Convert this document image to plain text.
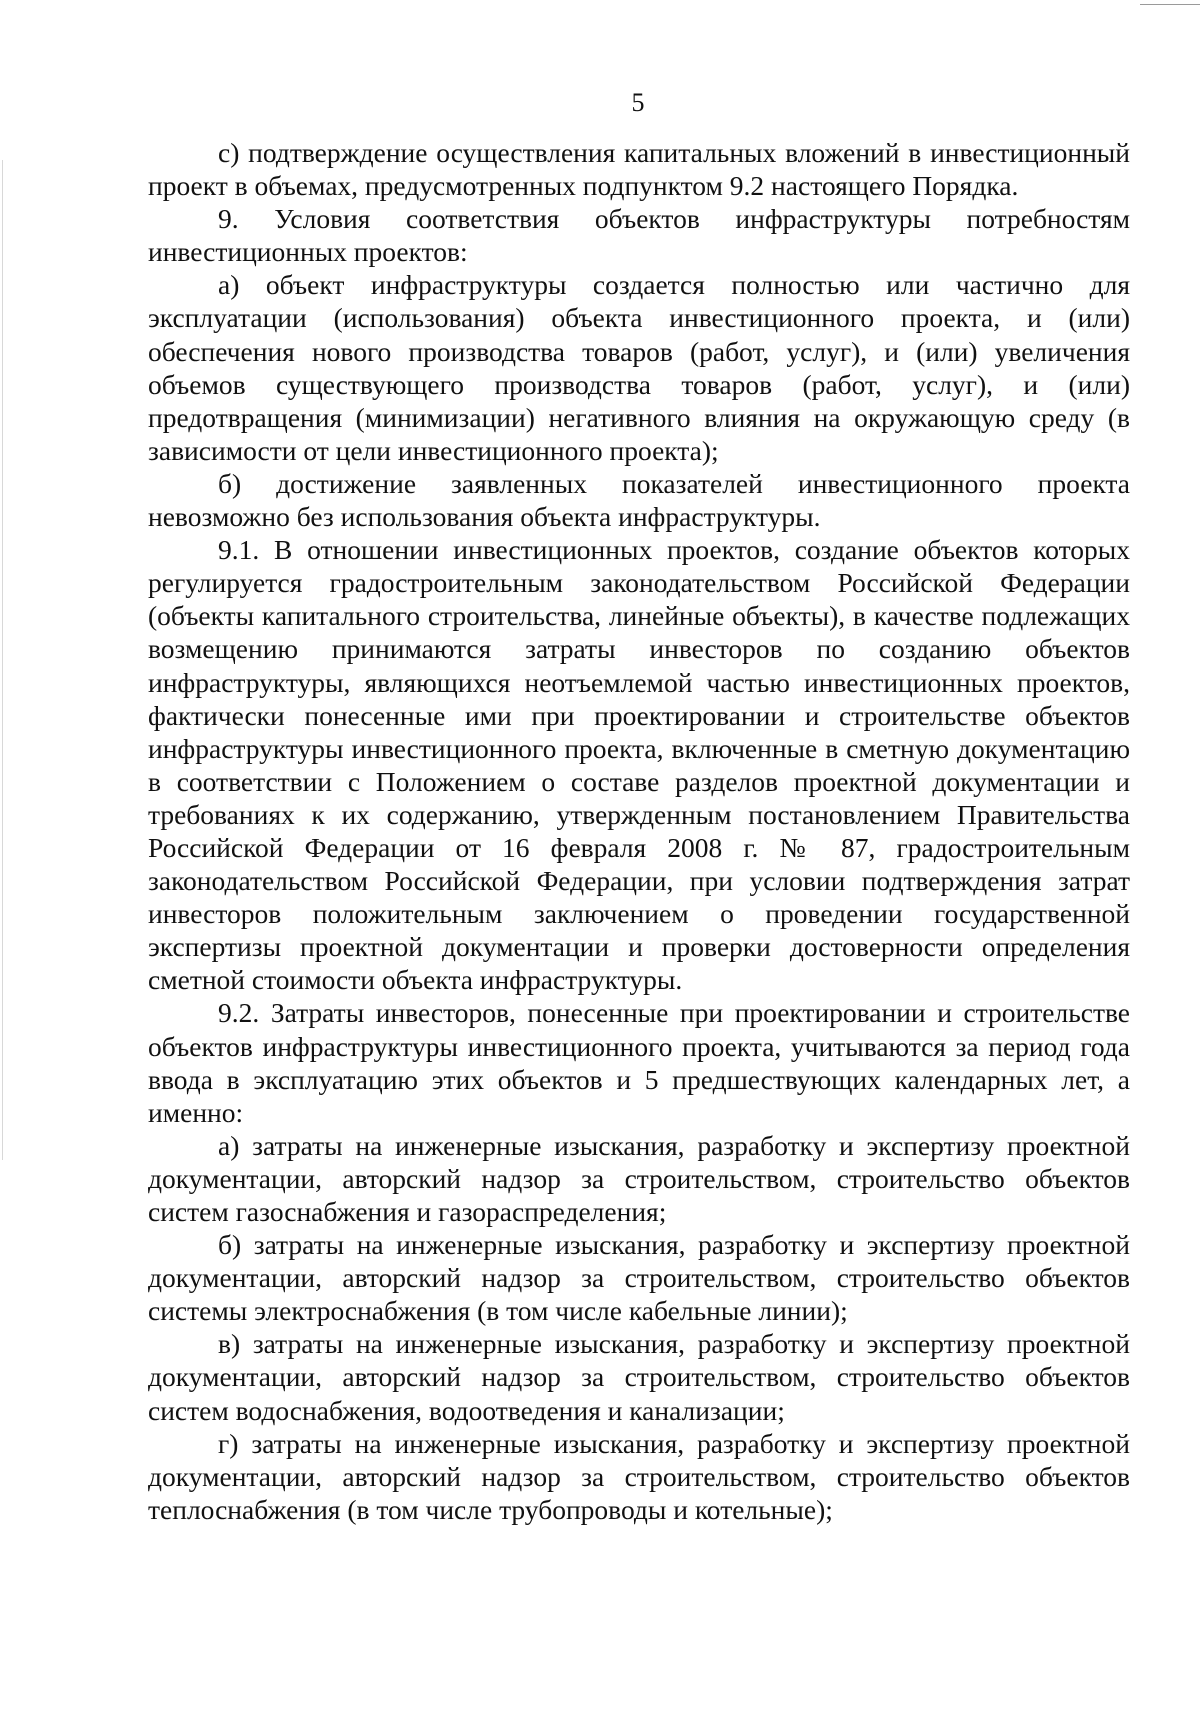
5

с) подтверждение осуществления капитальных вложений в инвестиционный проект в объемах, предусмотренных подпунктом 9.2 настоящего Порядка.

9. Условия соответствия объектов инфраструктуры потребностям инвестиционных проектов:

а) объект инфраструктуры создается полностью или частично для эксплуатации (использования) объекта инвестиционного проекта, и (или) обеспечения нового производства товаров (работ, услуг), и (или) увеличения объемов существующего производства товаров (работ, услуг), и (или) предотвращения (минимизации) негативного влияния на окружающую среду (в зависимости от цели инвестиционного проекта);

б) достижение заявленных показателей инвестиционного проекта невозможно без использования объекта инфраструктуры.

9.1. В отношении инвестиционных проектов, создание объектов которых регулируется градостроительным законодательством Российской Федерации (объекты капитального строительства, линейные объекты), в качестве подлежащих возмещению принимаются затраты инвесторов по созданию объектов инфраструктуры, являющихся неотъемлемой частью инвестиционных проектов, фактически понесенные ими при проектировании и строительстве объектов инфраструктуры инвестиционного проекта, включенные в сметную документацию в соответствии с Положением о составе разделов проектной документации и требованиях к их содержанию, утвержденным постановлением Правительства Российской Федерации от 16 февраля 2008 г. № 87, градостроительным законодательством Российской Федерации, при условии подтверждения затрат инвесторов положительным заключением о проведении государственной экспертизы проектной документации и проверки достоверности определения сметной стоимости объекта инфраструктуры.

9.2. Затраты инвесторов, понесенные при проектировании и строительстве объектов инфраструктуры инвестиционного проекта, учитываются за период года ввода в эксплуатацию этих объектов и 5 предшествующих календарных лет, а именно:

а) затраты на инженерные изыскания, разработку и экспертизу проектной документации, авторский надзор за строительством, строительство объектов систем газоснабжения и газораспределения;

б) затраты на инженерные изыскания, разработку и экспертизу проектной документации, авторский надзор за строительством, строительство объектов системы электроснабжения (в том числе кабельные линии);

в) затраты на инженерные изыскания, разработку и экспертизу проектной документации, авторский надзор за строительством, строительство объектов систем водоснабжения, водоотведения и канализации;

г) затраты на инженерные изыскания, разработку и экспертизу проектной документации, авторский надзор за строительством, строительство объектов теплоснабжения (в том числе трубопроводы и котельные);
